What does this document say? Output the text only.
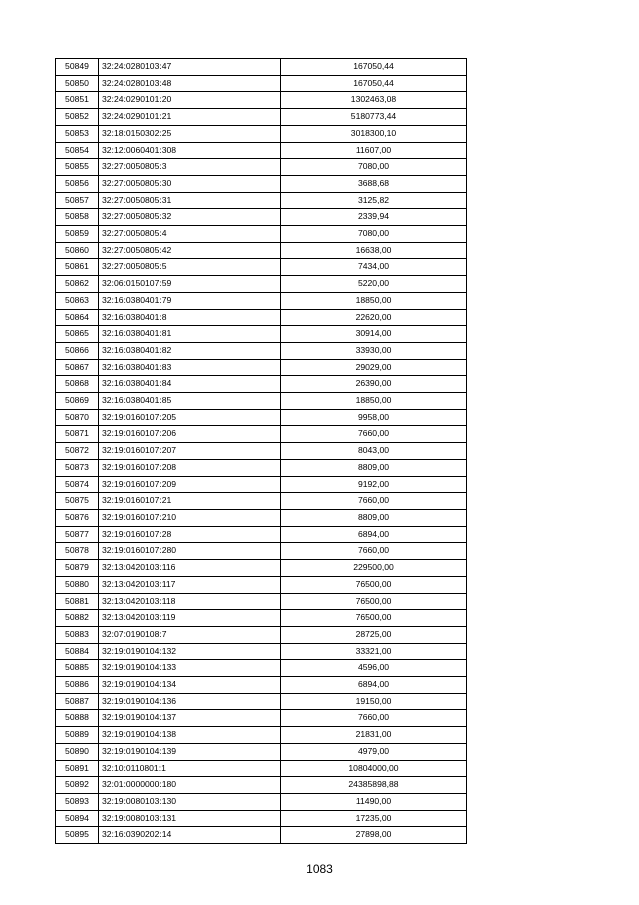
50849	32:24:0280103:47	167050,44
50850	32:24:0280103:48	167050,44
50851	32:24:0290101:20	1302463,08
50852	32:24:0290101:21	5180773,44
50853	32:18:0150302:25	3018300,10
50854	32:12:0060401:308	11607,00
50855	32:27:0050805:3	7080,00
50856	32:27:0050805:30	3688,68
50857	32:27:0050805:31	3125,82
50858	32:27:0050805:32	2339,94
50859	32:27:0050805:4	7080,00
50860	32:27:0050805:42	16638,00
50861	32:27:0050805:5	7434,00
50862	32:06:0150107:59	5220,00
50863	32:16:0380401:79	18850,00
50864	32:16:0380401:8	22620,00
50865	32:16:0380401:81	30914,00
50866	32:16:0380401:82	33930,00
50867	32:16:0380401:83	29029,00
50868	32:16:0380401:84	26390,00
50869	32:16:0380401:85	18850,00
50870	32:19:0160107:205	9958,00
50871	32:19:0160107:206	7660,00
50872	32:19:0160107:207	8043,00
50873	32:19:0160107:208	8809,00
50874	32:19:0160107:209	9192,00
50875	32:19:0160107:21	7660,00
50876	32:19:0160107:210	8809,00
50877	32:19:0160107:28	6894,00
50878	32:19:0160107:280	7660,00
50879	32:13:0420103:116	229500,00
50880	32:13:0420103:117	76500,00
50881	32:13:0420103:118	76500,00
50882	32:13:0420103:119	76500,00
50883	32:07:0190108:7	28725,00
50884	32:19:0190104:132	33321,00
50885	32:19:0190104:133	4596,00
50886	32:19:0190104:134	6894,00
50887	32:19:0190104:136	19150,00
50888	32:19:0190104:137	7660,00
50889	32:19:0190104:138	21831,00
50890	32:19:0190104:139	4979,00
50891	32:10:0110801:1	10804000,00
50892	32:01:0000000:180	24385898,88
50893	32:19:0080103:130	11490,00
50894	32:19:0080103:131	17235,00
50895	32:16:0390202:14	27898,00
1083
